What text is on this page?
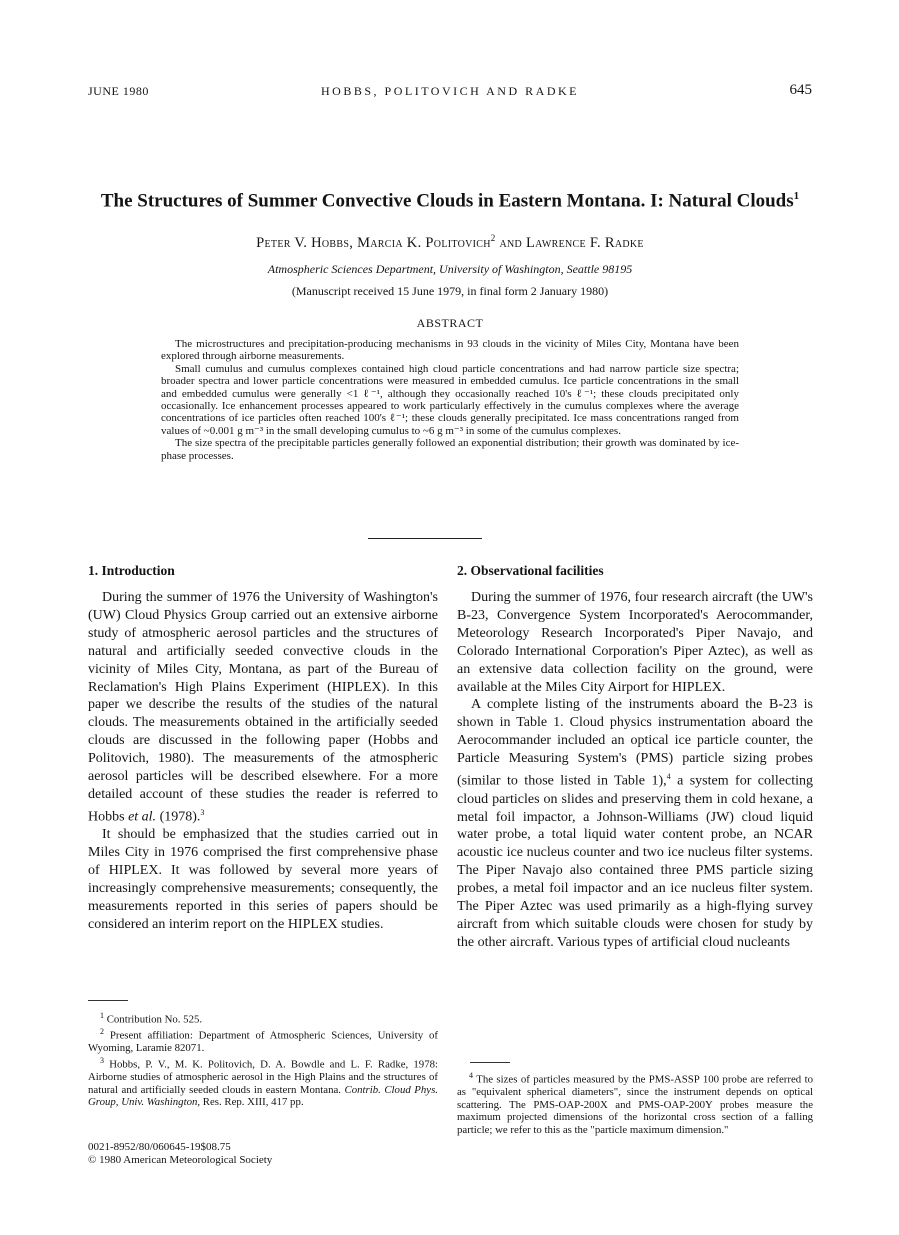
JUNE 1980	HOBBS, POLITOVICH AND RADKE	645
The Structures of Summer Convective Clouds in Eastern Montana. I: Natural Clouds$^1$
Peter V. Hobbs, Marcia K. Politovich$^2$ and Lawrence F. Radke
Atmospheric Sciences Department, University of Washington, Seattle 98195
(Manuscript received 15 June 1979, in final form 2 January 1980)
ABSTRACT

The microstructures and precipitation-producing mechanisms in 93 clouds in the vicinity of Miles City, Montana have been explored through airborne measurements.

Small cumulus and cumulus complexes contained high cloud particle concentrations and had narrow particle size spectra; broader spectra and lower particle concentrations were measured in embedded cumulus. Ice particle concentrations in the small and embedded cumulus were generally <1 ℓ⁻¹, although they occasionally reached 10's ℓ⁻¹; these clouds precipitated only occasionally. Ice enhancement processes appeared to work particularly effectively in the cumulus complexes where the average concentrations of ice particles often reached 100's ℓ⁻¹; these clouds generally precipitated. Ice mass concentrations ranged from values of ~0.001 g m⁻³ in the small developing cumulus to ~6 g m⁻³ in some of the cumulus complexes.

The size spectra of the precipitable particles generally followed an exponential distribution; their growth was dominated by ice-phase processes.

1. Introduction

During the summer of 1976 the University of Washington's (UW) Cloud Physics Group carried out an extensive airborne study of atmospheric aerosol particles and the structures of natural and artificially seeded convective clouds in the vicinity of Miles City, Montana, as part of the Bureau of Reclamation's High Plains Experiment (HIPLEX). In this paper we describe the results of the studies of the natural clouds. The measurements obtained in the artificially seeded clouds are discussed in the following paper (Hobbs and Politovich, 1980). The measurements of the atmospheric aerosol particles will be described elsewhere. For a more detailed account of these studies the reader is referred to Hobbs et al. (1978).$^3$

It should be emphasized that the studies carried out in Miles City in 1976 comprised the first comprehensive phase of HIPLEX. It was followed by several more years of increasingly comprehensive measurements; consequently, the measurements reported in this series of papers should be considered an interim report on the HIPLEX studies.

2. Observational facilities

During the summer of 1976, four research aircraft (the UW's B-23, Convergence System Incorporated's Aerocommander, Meteorology Research Incorporated's Piper Navajo, and Colorado International Corporation's Piper Aztec), as well as an extensive data collection facility on the ground, were available at the Miles City Airport for HIPLEX.

A complete listing of the instruments aboard the B-23 is shown in Table 1. Cloud physics instrumentation aboard the Aerocommander included an optical ice particle counter, the Particle Measuring System's (PMS) particle sizing probes (similar to those listed in Table 1),$^4$ a system for collecting cloud particles on slides and preserving them in cold hexane, a metal foil impactor, a Johnson-Williams (JW) cloud liquid water probe, a total liquid water content probe, an NCAR acoustic ice nucleus counter and two ice nucleus filter systems. The Piper Navajo also contained three PMS particle sizing probes, a metal foil impactor and an ice nucleus filter system. The Piper Aztec was used primarily as a high-flying survey aircraft from which suitable clouds were chosen for study by the other aircraft. Various types of artificial cloud nucleants

$^1$ Contribution No. 525.

$^2$ Present affiliation: Department of Atmospheric Sciences, University of Wyoming, Laramie 82071.

$^3$ Hobbs, P. V., M. K. Politovich, D. A. Bowdle and L. F. Radke, 1978: Airborne studies of atmospheric aerosol in the High Plains and the structures of natural and artificially seeded clouds in eastern Montana. Contrib. Cloud Phys. Group, Univ. Washington, Res. Rep. XIII, 417 pp.

$^4$ The sizes of particles measured by the PMS-ASSP 100 probe are referred to as "equivalent spherical diameters", since the instrument depends on optical scattering. The PMS-OAP-200X and PMS-OAP-200Y probes measure the maximum projected dimensions of the horizontal cross section of a falling particle; we refer to this as the "particle maximum dimension."

0021-8952/80/060645-19$08.75
© 1980 American Meteorological Society
